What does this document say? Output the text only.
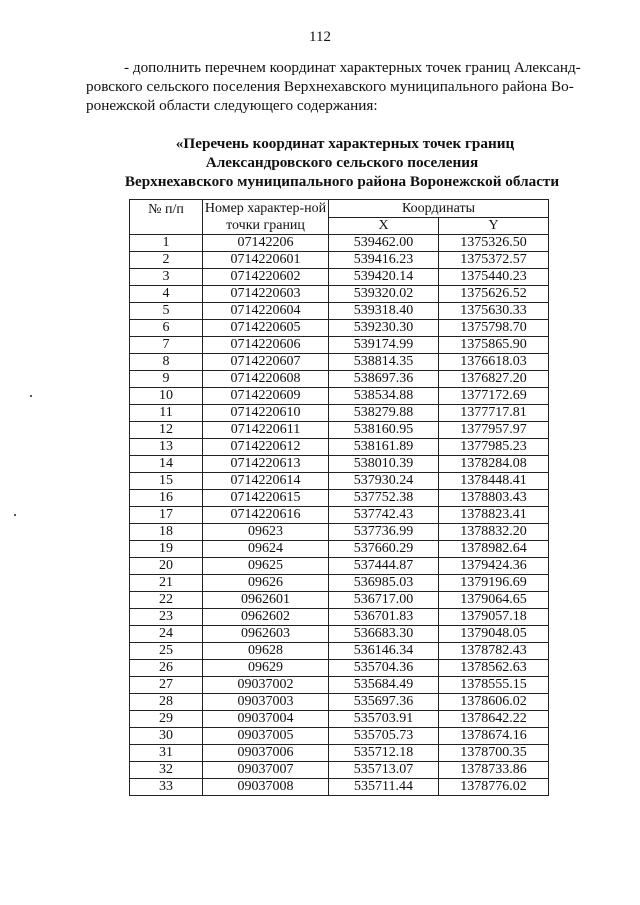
112
- дополнить перечнем координат характерных точек границ Александ-
ровского сельского поселения Верхнехавского муниципального района Во-
ронежской области следующего содержания:
«Перечень координат характерных точек границ
Александровского сельского поселения
Верхнехавского муниципального района Воронежской области
№ п/п	Номер характер-ной точки границ	Координаты	
		X	Y
1	07142206	539462.00	1375326.50
2	0714220601	539416.23	1375372.57
3	0714220602	539420.14	1375440.23
4	0714220603	539320.02	1375626.52
5	0714220604	539318.40	1375630.33
6	0714220605	539230.30	1375798.70
7	0714220606	539174.99	1375865.90
8	0714220607	538814.35	1376618.03
9	0714220608	538697.36	1376827.20
10	0714220609	538534.88	1377172.69
11	0714220610	538279.88	1377717.81
12	0714220611	538160.95	1377957.97
13	0714220612	538161.89	1377985.23
14	0714220613	538010.39	1378284.08
15	0714220614	537930.24	1378448.41
16	0714220615	537752.38	1378803.43
17	0714220616	537742.43	1378823.41
18	09623	537736.99	1378832.20
19	09624	537660.29	1378982.64
20	09625	537444.87	1379424.36
21	09626	536985.03	1379196.69
22	0962601	536717.00	1379064.65
23	0962602	536701.83	1379057.18
24	0962603	536683.30	1379048.05
25	09628	536146.34	1378782.43
26	09629	535704.36	1378562.63
27	09037002	535684.49	1378555.15
28	09037003	535697.36	1378606.02
29	09037004	535703.91	1378642.22
30	09037005	535705.73	1378674.16
31	09037006	535712.18	1378700.35
32	09037007	535713.07	1378733.86
33	09037008	535711.44	1378776.02
